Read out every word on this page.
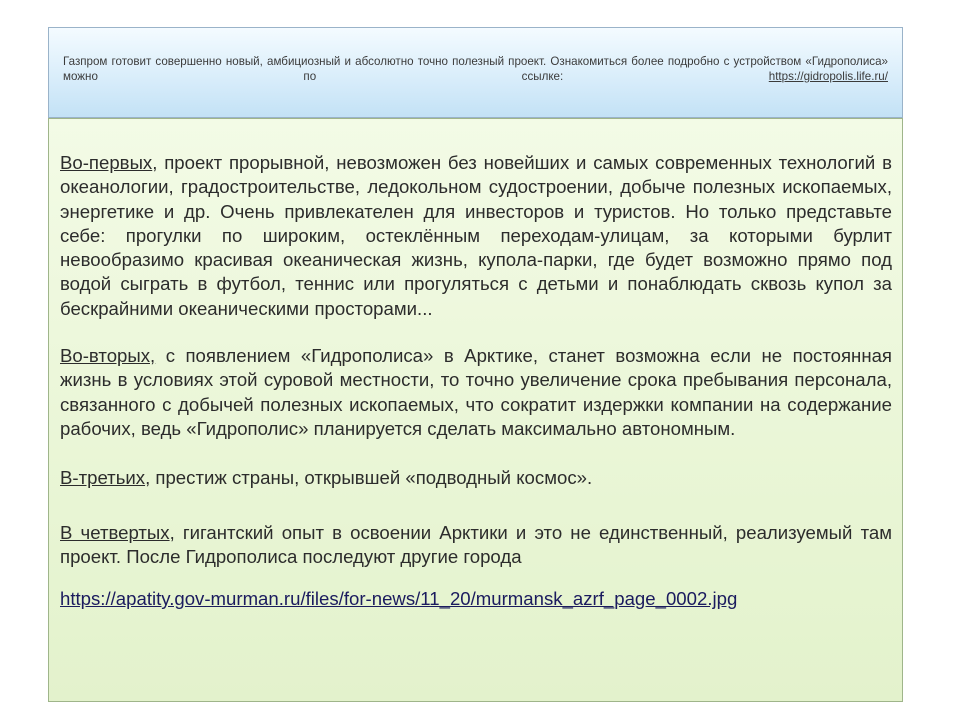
Газпром готовит совершенно новый, амбициозный и абсолютно точно полезный проект. Ознакомиться более подробно с устройством «Гидрополиса» можно по ссылке:	https://gidropolis.life.ru/

Во-первых, проект прорывной, невозможен без новейших и самых современных технологий в океанологии, градостроительстве, ледокольном судостроении, добыче полезных ископаемых, энергетике и др. Очень привлекателен для инвесторов и туристов. Но только представьте себе: прогулки по широким, остеклённым переходам-улицам, за которыми бурлит невообразимо красивая океаническая жизнь, купола-парки, где будет возможно прямо под водой сыграть в футбол, теннис или прогуляться с детьми и понаблюдать сквозь купол за бескрайними океаническими просторами...

Во-вторых, с появлением «Гидрополиса» в Арктике, станет возможна если не постоянная жизнь в условиях этой суровой местности, то точно увеличение срока пребывания персонала, связанного с добычей полезных ископаемых, что сократит издержки компании на содержание рабочих, ведь «Гидрополис» планируется сделать максимально автономным.

В-третьих, престиж страны, открывшей «подводный космос».

В четвертых, гигантский опыт в освоении Арктики и это не единственный, реализуемый там проект. После Гидрополиса последуют другие города

https://apatity.gov-murman.ru/files/for-news/11_20/murmansk_azrf_page_0002.jpg
